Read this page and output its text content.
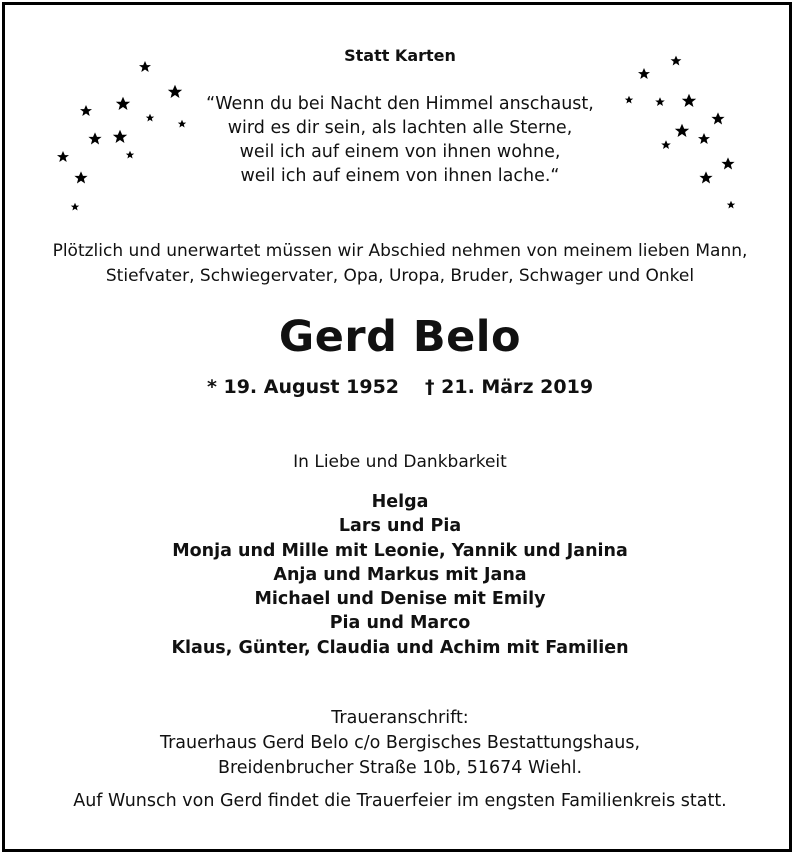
Statt Karten
“Wenn du bei Nacht den Himmel anschaust,
wird es dir sein, als lachten alle Sterne,
weil ich auf einem von ihnen wohne,
weil ich auf einem von ihnen lache.“
Plötzlich und unerwartet müssen wir Abschied nehmen von meinem lieben Mann,
Stiefvater, Schwiegervater, Opa, Uropa, Bruder, Schwager und Onkel
Gerd Belo
* 19. August 1952 † 21. März 2019
In Liebe und Dankbarkeit
Helga
Lars und Pia
Monja und Mille mit Leonie, Yannik und Janina
Anja und Markus mit Jana
Michael und Denise mit Emily
Pia und Marco
Klaus, Günter, Claudia und Achim mit Familien
Traueranschrift:
Trauerhaus Gerd Belo c/o Bergisches Bestattungshaus,
Breidenbrucher Straße 10b, 51674 Wiehl.
Auf Wunsch von Gerd findet die Trauerfeier im engsten Familienkreis statt.
